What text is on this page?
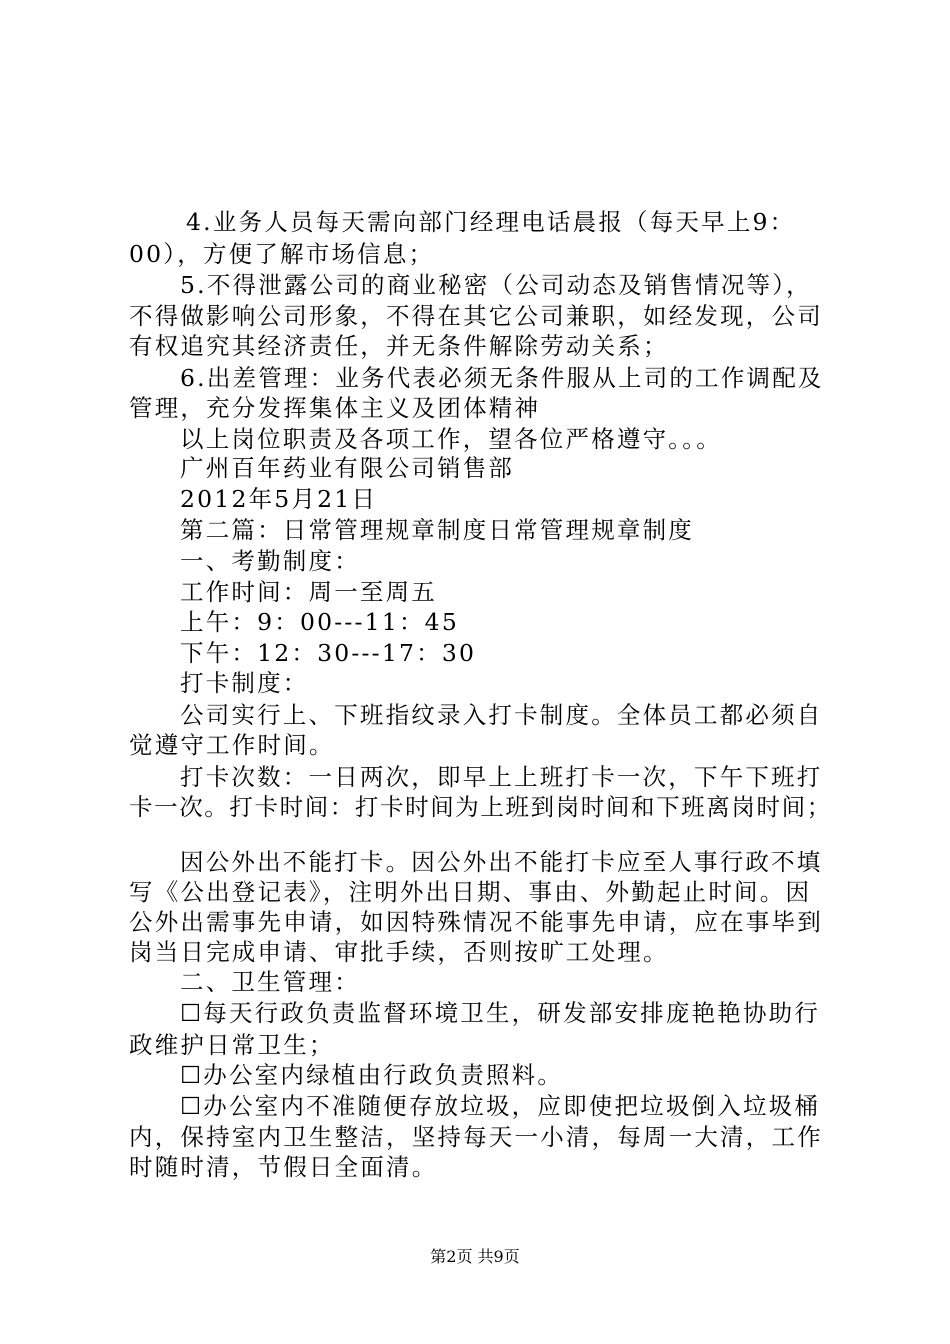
4.业务人员每天需向部门经理电话晨报（每天早上9：
00），方便了解市场信息；
5.不得泄露公司的商业秘密（公司动态及销售情况等），
不得做影响公司形象，不得在其它公司兼职，如经发现，公司
有权追究其经济责任，并无条件解除劳动关系；
6.出差管理：业务代表必须无条件服从上司的工作调配及
管理，充分发挥集体主义及团体精神
以上岗位职责及各项工作，望各位严格遵守。。。
广州百年药业有限公司销售部
2012年5月21日
第二篇：日常管理规章制度日常管理规章制度
一、考勤制度：
工作时间：周一至周五
上午：9：00---11：45
下午：12：30---17：30
打卡制度：
公司实行上、下班指纹录入打卡制度。全体员工都必须自
觉遵守工作时间。
打卡次数：一日两次，即早上上班打卡一次，下午下班打
卡一次。打卡时间：打卡时间为上班到岗时间和下班离岗时间；
因公外出不能打卡。因公外出不能打卡应至人事行政不填
写《公出登记表》，注明外出日期、事由、外勤起止时间。因
公外出需事先申请，如因特殊情况不能事先申请，应在事毕到
岗当日完成申请、审批手续，否则按旷工处理。
二、卫生管理：
☐每天行政负责监督环境卫生，研发部安排庞艳艳协助行
政维护日常卫生；
☐办公室内绿植由行政负责照料。
☐办公室内不准随便存放垃圾，应即使把垃圾倒入垃圾桶
内，保持室内卫生整洁，坚持每天一小清，每周一大清，工作
时随时清，节假日全面清。
第2页 共9页
